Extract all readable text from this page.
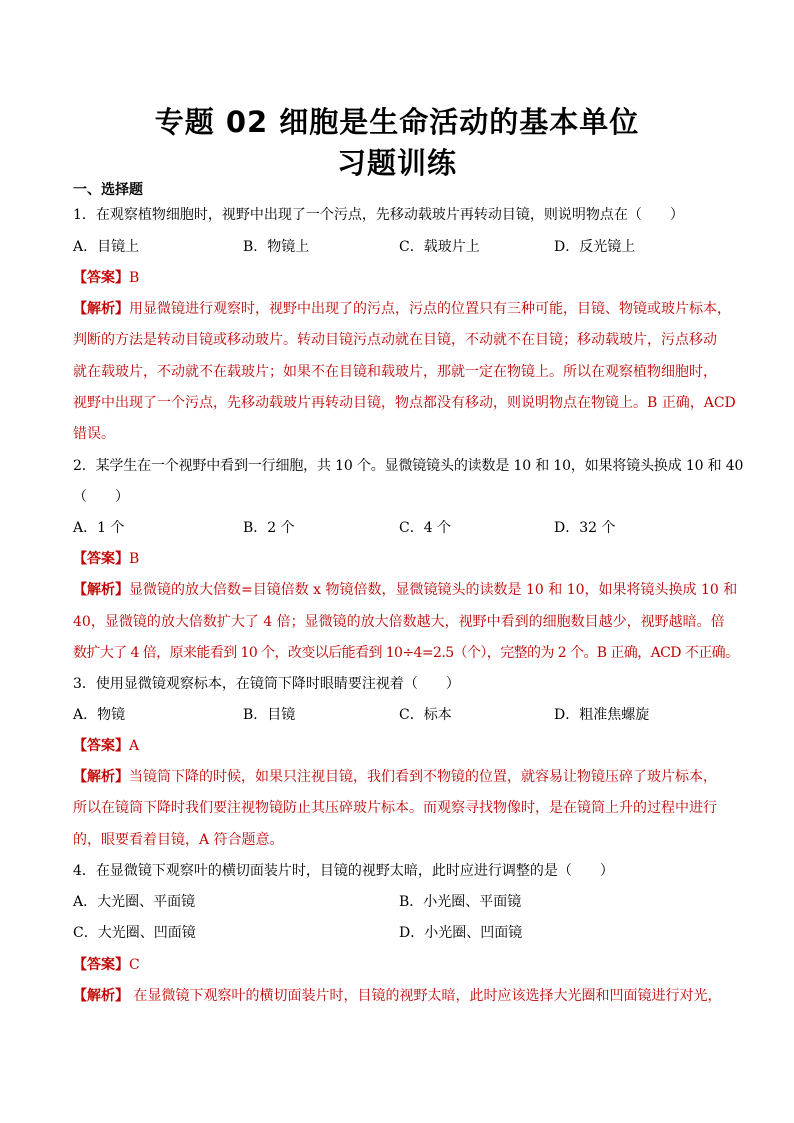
专题 02 细胞是生命活动的基本单位
习题训练
一、选择题
1．在观察植物细胞时，视野中出现了一个污点，先移动载玻片再转动目镜，则说明物点在（　　）
A．目镜上	B．物镜上	C．载玻片上	D．反光镜上
【答案】B
【解析】用显微镜进行观察时，视野中出现了的污点，污点的位置只有三种可能，目镜、物镜或玻片标本，
判断的方法是转动目镜或移动玻片。转动目镜污点动就在目镜，不动就不在目镜；移动载玻片，污点移动
就在载玻片，不动就不在载玻片；如果不在目镜和载玻片，那就一定在物镜上。所以在观察植物细胞时，
视野中出现了一个污点，先移动载玻片再转动目镜，物点都没有移动，则说明物点在物镜上。B 正确，ACD
错误。
2．某学生在一个视野中看到一行细胞，共 10 个。显微镜镜头的读数是 10 和 10，如果将镜头换成 10 和 40
（　　）
A．1 个	B．2 个	C．4 个	D．32 个
【答案】B
【解析】显微镜的放大倍数=目镜倍数 x 物镜倍数，显微镜镜头的读数是 10 和 10，如果将镜头换成 10 和
40，显微镜的放大倍数扩大了 4 倍；显微镜的放大倍数越大，视野中看到的细胞数目越少，视野越暗。倍
数扩大了 4 倍，原来能看到 10 个，改变以后能看到 10÷4=2.5（个），完整的为 2 个。B 正确，ACD 不正确。
3．使用显微镜观察标本，在镜筒下降时眼睛要注视着（　　）
A．物镜	B．目镜	C．标本	D．粗准焦螺旋
【答案】A
【解析】当镜筒下降的时候，如果只注视目镜，我们看到不物镜的位置，就容易让物镜压碎了玻片标本，
所以在镜筒下降时我们要注视物镜防止其压碎玻片标本。而观察寻找物像时，是在镜筒上升的过程中进行
的，眼要看着目镜，A 符合题意。
4．在显微镜下观察叶的横切面装片时，目镜的视野太暗，此时应进行调整的是（　　）
A．大光圈、平面镜	B．小光圈、平面镜
C．大光圈、凹面镜	D．小光圈、凹面镜
【答案】C
【解析】 在显微镜下观察叶的横切面装片时，目镜的视野太暗，此时应该选择大光圈和凹面镜进行对光，
